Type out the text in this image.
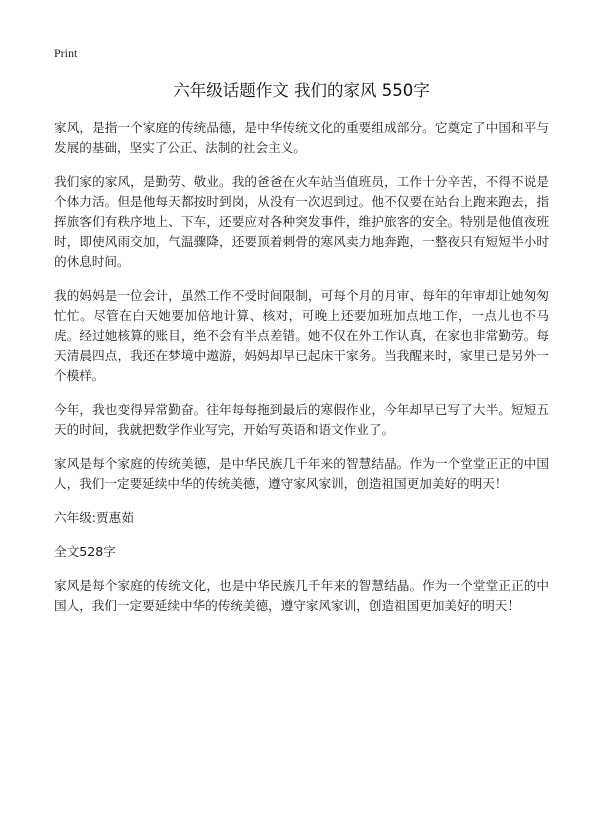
Print
六年级话题作文 我们的家风 550字

家风，是指一个家庭的传统品德，是中华传统文化的重要组成部分。它奠定了中国和平与发展的基础，坚实了公正、法制的社会主义。

我们家的家风，是勤劳、敬业。我的爸爸在火车站当值班员，工作十分辛苦，不得不说是个体力活。但是他每天都按时到岗，从没有一次迟到过。他不仅要在站台上跑来跑去，指挥旅客们有秩序地上、下车，还要应对各种突发事件，维护旅客的安全。特别是他值夜班时，即使风雨交加，气温骤降，还要顶着刺骨的寒风卖力地奔跑，一整夜只有短短半小时的休息时间。

我的妈妈是一位会计，虽然工作不受时间限制，可每个月的月审、每年的年审却让她匆匆忙忙。尽管在白天她要加倍地计算、核对，可晚上还要加班加点地工作，一点儿也不马虎。经过她核算的账目，绝不会有半点差错。她不仅在外工作认真，在家也非常勤劳。每天清晨四点，我还在梦境中遨游，妈妈却早已起床干家务。当我醒来时，家里已是另外一个模样。

今年，我也变得异常勤奋。往年每每拖到最后的寒假作业，今年却早已写了大半。短短五天的时间，我就把数学作业写完，开始写英语和语文作业了。

家风是每个家庭的传统美德，是中华民族几千年来的智慧结晶。作为一个堂堂正正的中国人，我们一定要延续中华的传统美德，遵守家风家训，创造祖国更加美好的明天！

六年级:贾惠茹

全文528字

家风是每个家庭的传统文化，也是中华民族几千年来的智慧结晶。作为一个堂堂正正的中国人，我们一定要延续中华的传统美德，遵守家风家训，创造祖国更加美好的明天！
